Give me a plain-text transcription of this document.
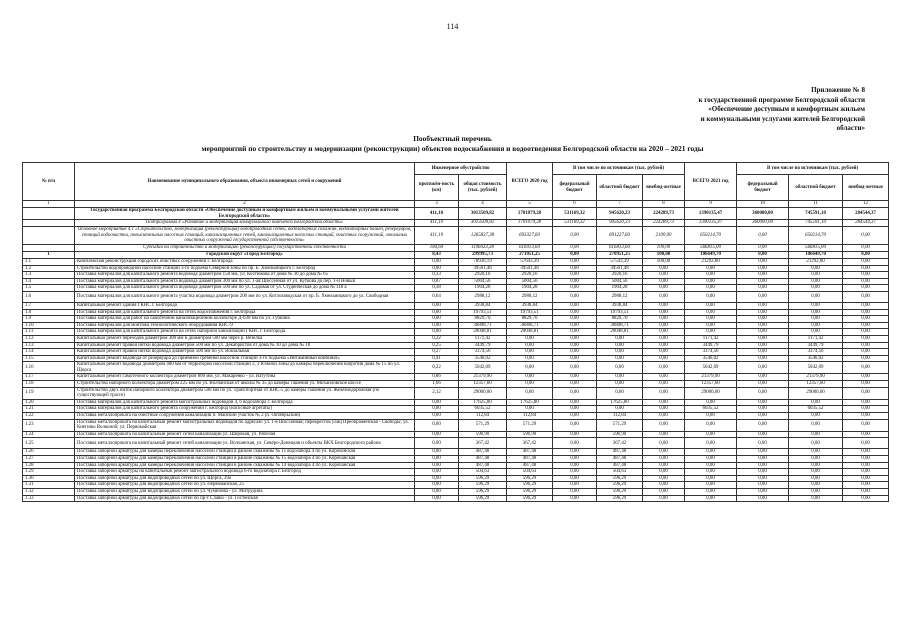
114
Приложение № 8
к государственной программе Белгородской области
«Обеспечение доступным и комфортным жильем
и коммунальными услугами жителей Белгородской
области»
Пообъектный перечень
мероприятий по строительству и модернизации (реконструкции) объектов водоснабжения и водоотведения Белгородской области на 2020 – 2021 годы
№ п/п	Наименование муниципального образования, объекта инженерных сетей и сооружений	Инженерное обустройство		ВСЕГО 2020 год	В том числе по источникам (тыс. рублей)			ВСЕГО 2021 год	В том числе по источникам (тыс. рублей)		
		протяжён-ность (км)	общая стоимость (тыс. рублей)		федеральный бюджет	областной бюджет	внебюд-жетные		федеральный бюджет	областной бюджет	внебюд-жетные
1	2	3	4	5	6	7	8	9	10	11	12
	Государственная программа Белгородской области «Обеспечение доступным и комфортным жильем и коммунальными услугами жителей Белгородской области»	411,10	3013509,82	1701079,28	531169,32	945620,23	224289,73	1390135,47	360000,00	745591,10	284544,37
	Подпрограмма 4 «Развитие и модернизация коммунального комплекса Белгородской области»	411,10	3013509,82	1701079,28	531169,32	945620,23	224289,73	1390135,47	360000,00	745591,10	284544,37
	Основное мероприятие 4.1 «Строительство, модернизация (реконструкция) водопроводных сетей, водозаборных скважин, водонапорных башен, резервуаров, станций водоочистки, повысительных насосных станций, канализационных сетей, канализационных насосных станций, очистных сооружений, локальных очистных сооружений государственной собственности»	411,10	1265837,38	693327,60	0,00	691227,60	2100,00	650214,70	0,00	650214,70	0,00
	Субсидии на строительство и модернизацию (реконструкцию) государственной собственности	184,69	1106023,38	616913,60	0,00	616813,60	100,00	566815,00	0,00	566815,00	0,00
1	Городской округ «Город Белгород»	8,43	299995,73	271051,25	0,00	270951,25	100,00	106649,70	0,00	106649,70	0,00
1.1	Комплексная реконструкция городских очистных сооружений г. Белгорода	0,00	78936,19	57643,39	0,00	57543,39	100,00	21292,80	0,00	21292,80	0,00
1.2	Строительство водопроводной насосной станции 3-го подъема Северной зоны по пр. Б. Хмельницкого г. Белгород	0,00	39501,48	39501,48	0,00	39501,48	0,00	0,00	0,00	0,00	0,00
1.3	Поставка материалов для капитального ремонта водовода диаметром 150 мм, ул. Костюкова от дома № 36 до дома № 65	0,33	2920,16	2920,16	0,00	2920,16	0,00	0,00	0,00	0,00	0,00
1.4	Поставка материалов для капитального ремонта водовода диаметром 300 мм по ул. 1-ая Шоссейная от ул. Куткова до пер. 1-й Новый	0,87	5004,56	5004,56	0,00	5004,56	0,00	0,00	0,00	0,00	0,00
1.5	Поставка материалов для капитального ремонта водовода диаметром 500 мм по ул. Садовая от ул. Студенческая до дома № 118 а	0,38	1904,28	1904,28	0,00	1904,28	0,00	0,00	0,00	0,00	0,00
1.6	Поставка материалов для капитального ремонта участка водовода диаметром 200 мм по ул. Котлозаводская от пр. Б. Хмельницкого до ул. Свободная	0,64	2988,12	2988,12	0,00	2988,12	0,00	0,00	0,00	0,00	0,00
1.7	Капитальный ремонт здания ГКНС г. Белгорода	0,00	3938,84	3938,84	0,00	3938,84	0,00	0,00	0,00	0,00	0,00
1.8	Поставка материалов для капитального ремонта на сетях водоснабжения г. Белгорода	0,00	19793,51	19793,51	0,00	19793,51	0,00	0,00	0,00	0,00	0,00
1.9	Поставка материалов для работ на самотечном канализационном коллекторе Д-630 мм по ул. Губкина	0,00	8829,70	8829,70	0,00	8829,70	0,00	0,00	0,00	0,00	0,00
1.10	Поставка материалов для монтажа технологического оборудования КНС-9	0,00	36808,71	36808,71	0,00	36808,71	0,00	0,00	0,00	0,00	0,00
1.11	Поставка материалов для капитального ремонта на сетях напорной канализации ГКНС г. Белгорода	0,00	20048,81	20048,81	0,00	20048,81	0,00	0,00	0,00	0,00	0,00
1.12	Капитальный ремонт переходов диаметром 300 мм и диаметром 500 мм через р. Везелка	0,22	1171,42	0,00	0,00	0,00	0,00	1171,42	0,00	1171,42	0,00
1.13	Капитальный ремонт правой нитки водовода диаметром 500 мм по ул. Декабристов от дома № 10 до дома № 18	0,25	3449,79	0,00	0,00	0,00	0,00	3449,79	0,00	3449,79	0,00
1.14	Капитальный ремонт правой нитки водовода диаметром 500 мм по ул. Вокзальная	0,27	3374,56	0,00	0,00	0,00	0,00	3374,56	0,00	3374,56	0,00
1.15	Капитальный ремонт водовода от резервуара до приемной гребенки насосной станции 3-го подъема «Интаминный комбинат»	0,41	3546,02	0,00	0,00	0,00	0,00	3546,02	0,00	3546,02	0,00
1.16	Капитальный ремонт водовода диаметром 400 мм от территории насосной станции 2, 3 Южной Зоны до камеры переключения напротив дома № 15 по ул. Щорса	0,22	5042,09	0,00	0,00	0,00	0,00	5042,09	0,00	5042,09	0,00
1.17	Капитальный ремонт самотечного коллектора диаметром 800 мм, ул. Макаренко - ул. Ватутина	0,86	21379,90	0,00	0,00	0,00	0,00	21379,90	0,00	21379,90	0,00
1.18	Строительство напорного коллектора диаметром 225 мм по ул. Волчанская от школы № 35 до камеры гашения ул. Михайловское шоссе	1,66	12357,60	0,00	0,00	0,00	0,00	12357,60	0,00	12357,60	0,00
1.19	Строительство двух ниток напорного коллектора диаметром 500 мм по ул. Транспортная от КНС-5 до камеры гашения ул. Железнодорожная (по существующей трассе)	2,12	29000,00	0,00	0,00	0,00	0,00	29000,00	0,00	29000,00	0,00
1.20	Поставка материалов для капитального ремонта магистральных водоводов 4, 6 водозабора г. Белгорода	0,00	17625,80	17625,80	0,00	17625,80	0,00	0,00	0,00	0,00	0,00
1.21	Поставка материалов для капитального ремонта сооружений г. Белгород (насосные агрегаты)	0,00	6035,52	0,00	0,00	0,00	0,00	6035,52	0,00	6035,52	0,00
1.22	Поставка металлопроката на очистные сооружения канализации п. Майский участок № 2 (п. Октябрьский)	0,00	112,84	112,84	0,00	112,84	0,00	0,00	0,00	0,00	0,00
1.23	Поставка металлопроката на капитальный ремонт магистральных водоводов по адресам: ул. 1-я Шоссейная; перекресток улиц Преображенская - Свободы; ул. Кнегины Волконой; ул. Первомайская	0,00	571,29	571,29	0,00	571,29	0,00	0,00	0,00	0,00	0,00
1.24	Поставка металлопроката на капитальный ремонт сетей канализации ул. Широкая, ул. Рабочая	0,00	596,90	596,90	0,00	596,90	0,00	0,00	0,00	0,00	0,00
1.25	Поставка металлопроката на капитальный ремонт сетей канализации ул. Волчанская, ул. Северо-Донецкая и объекты ВКХ Белгородского района	0,00	367,42	367,42	0,00	367,42	0,00	0,00	0,00	0,00	0,00
1.26	Поставка запорной арматуры для камеры переключения насосной станции в районе скважины № 11 водозабора 4 по ул. Корочанская	0,00	487,48	487,48	0,00	487,48	0,00	0,00	0,00	0,00	0,00
1.27	Поставка запорной арматуры для камеры переключения насосной станции в районе скважины № 15 водозабора 4 по ул. Корочанская	0,00	487,48	487,48	0,00	487,48	0,00	0,00	0,00	0,00	0,00
1.28	Поставка запорной арматуры для камеры переключения насосной станции в районе скважины № 14 водозабора 4 по ул. Корочанская	0,00	487,48	487,48	0,00	487,48	0,00	0,00	0,00	0,00	0,00
1.29	Поставка запорной арматуры на капитальный ремонт магистрального водовода 6-го водозабора г. Белгород	0,00	504,63	504,63	0,00	504,63	0,00	0,00	0,00	0,00	0,00
1.30	Поставка запорной арматуры для водопроводных сетей по ул. Щорса, 39а	0,00	596,29	596,29	0,00	596,29	0,00	0,00	0,00	0,00	0,00
1.31	Поставка запорной арматуры для водопроводных сетей по ул. Первомайская, 25	0,00	596,29	596,29	0,00	596,29	0,00	0,00	0,00	0,00	0,00
1.32	Поставка запорной арматуры для водопроводных сетей по ул. Чумичова - ул. Митрудина	0,00	596,29	596,29	0,00	596,29	0,00	0,00	0,00	0,00	0,00
1.33	Поставка запорной арматуры для водопроводных сетей по пр-т Славы - ул. Гостенская	0,00	596,29	596,29	0,00	596,29	0,00	0,00	0,00	0,00	0,00
